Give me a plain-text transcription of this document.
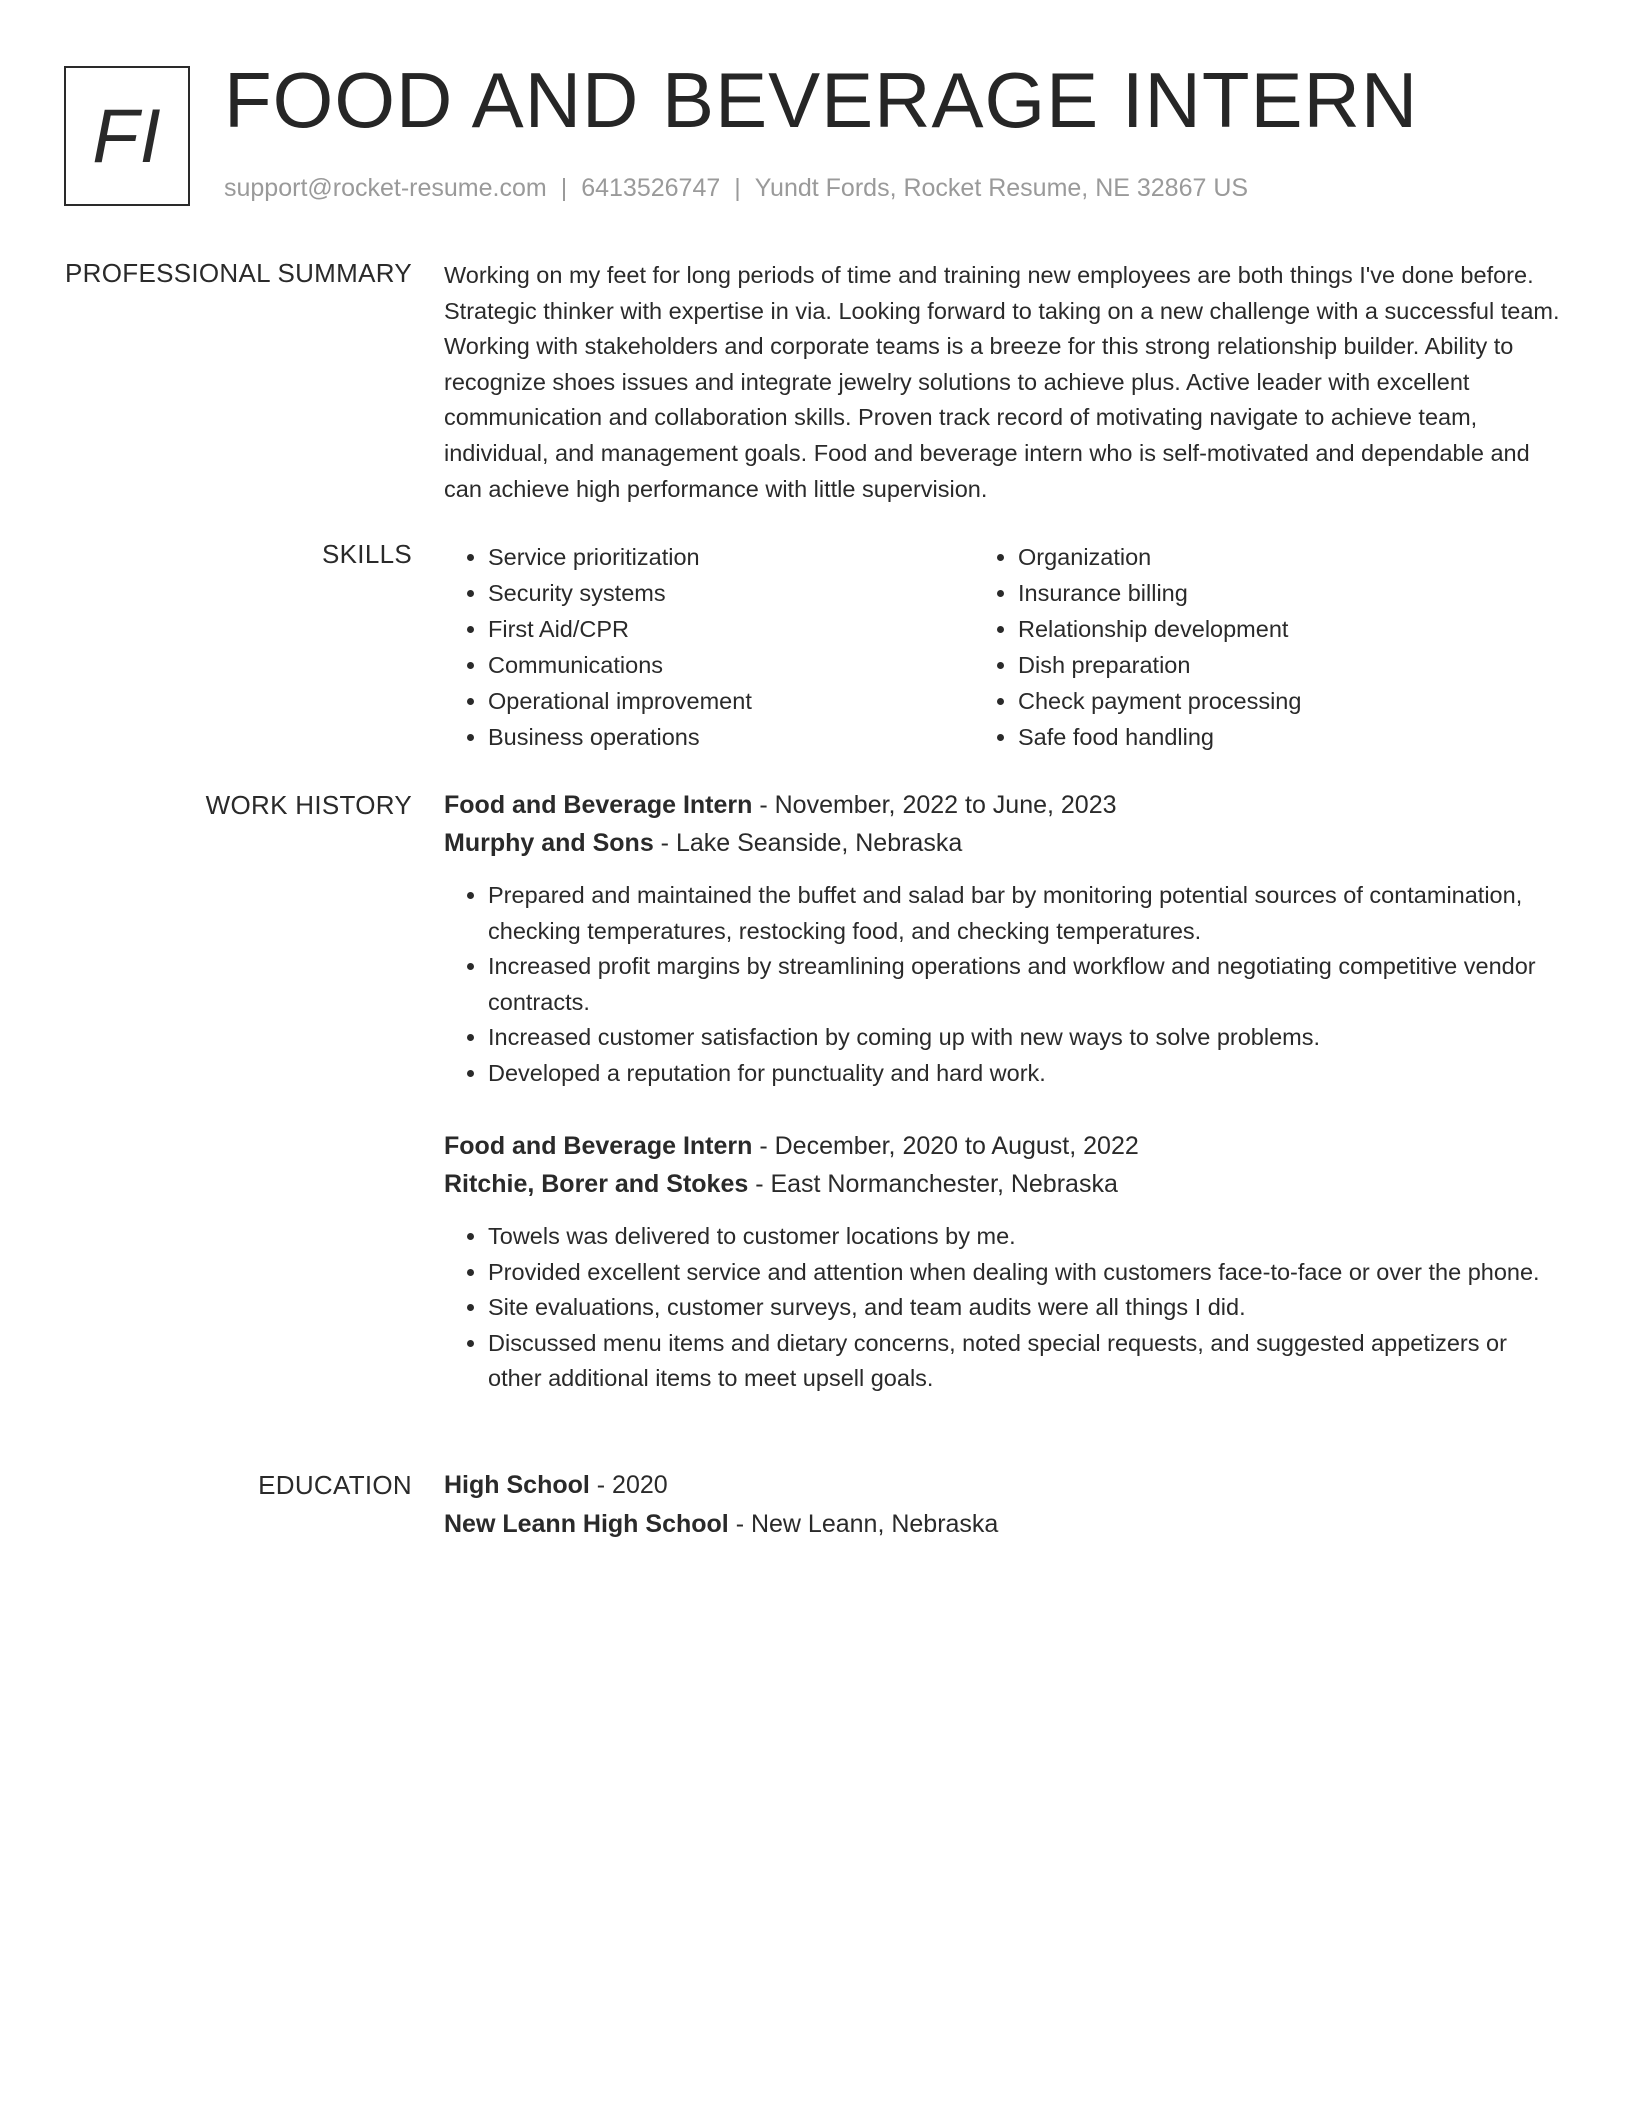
FI FOOD AND BEVERAGE INTERN
support@rocket-resume.com | 6413526747 | Yundt Fords, Rocket Resume, NE 32867 US
PROFESSIONAL SUMMARY Working on my feet for long periods of time and training new employees are both things I've done before. Strategic thinker with expertise in via. Looking forward to taking on a new challenge with a successful team. Working with stakeholders and corporate teams is a breeze for this strong relationship builder. Ability to recognize shoes issues and integrate jewelry solutions to achieve plus. Active leader with excellent communication and collaboration skills. Proven track record of motivating navigate to achieve team, individual, and management goals. Food and beverage intern who is self-motivated and dependable and can achieve high performance with little supervision.

SKILLS
•	Service prioritization
• Security systems
• First Aid/CPR
• Communications
• Operational improvement
• Business operations
• Organization
• Insurance billing
• Relationship development
• Dish preparation
• Check payment processing
• Safe food handling
WORK HISTORY Food and Beverage Intern - November, 2022 to June, 2023
Murphy and Sons - Lake Seanside, Nebraska
• Prepared and maintained the buffet and salad bar by monitoring potential sources of contamination, checking temperatures, restocking food, and checking temperatures.
• Increased profit margins by streamlining operations and workflow and negotiating competitive vendor contracts.
• Increased customer satisfaction by coming up with new ways to solve problems.
• Developed a reputation for punctuality and hard work.
Food and Beverage Intern - December, 2020 to August, 2022
Ritchie, Borer and Stokes - East Normanchester, Nebraska
• Towels was delivered to customer locations by me.
• Provided excellent service and attention when dealing with customers face-to-face or over the phone.
• Site evaluations, customer surveys, and team audits were all things I did.
• Discussed menu items and dietary concerns, noted special requests, and suggested appetizers or other additional items to meet upsell goals.
EDUCATION High School - 2020
New Leann High School - New Leann, Nebraska
